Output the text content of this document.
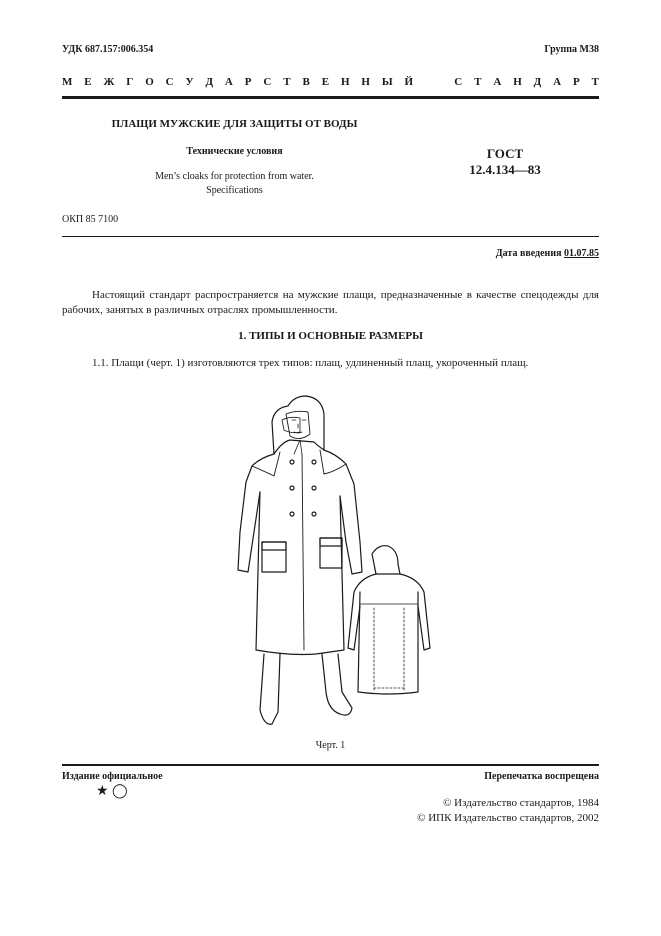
УДК 687.157:006.354	Группа М38
М Е Ж Г О С У Д А Р С Т В Е Н Н Ы Й

	С Т А Н Д А Р Т
ПЛАЩИ МУЖСКИЕ ДЛЯ ЗАЩИТЫ ОТ ВОДЫ
Технические условия
Men’s cloaks for protection from water.
Specifications
ГОСТ
12.4.134—83
ОКП 85 7100
Дата введения 01.07.85
Настоящий стандарт распространяется на мужские плащи, предназначенные в качестве спецодежды для рабочих, занятых в различных отраслях промышленности.
1. ТИПЫ И ОСНОВНЫЕ РАЗМЕРЫ
1.1. Плащи (черт. 1) изготовляются трех типов: плащ, удлиненный плащ, укороченный плащ.
Черт. 1
Издание официальное	Перепечатка воспрещена
★ ◯
© Издательство стандартов, 1984
© ИПК Издательство стандартов, 2002
